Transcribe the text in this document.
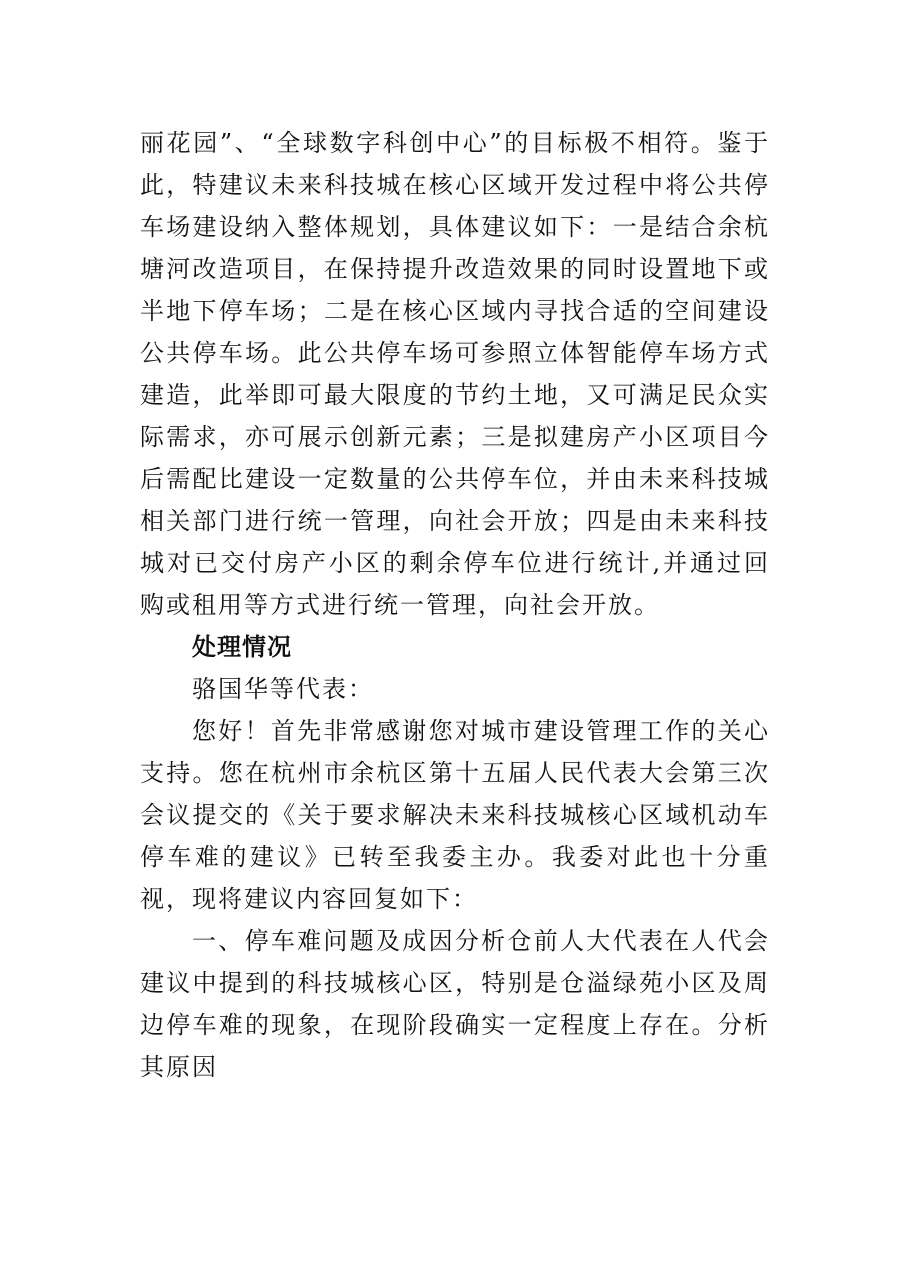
丽花园”、“全球数字科创中心”的目标极不相符。鉴于此，特建议未来科技城在核心区域开发过程中将公共停车场建设纳入整体规划，具体建议如下：一是结合余杭塘河改造项目，在保持提升改造效果的同时设置地下或半地下停车场；二是在核心区域内寻找合适的空间建设公共停车场。此公共停车场可参照立体智能停车场方式建造，此举即可最大限度的节约土地，又可满足民众实际需求，亦可展示创新元素；三是拟建房产小区项目今后需配比建设一定数量的公共停车位，并由未来科技城相关部门进行统一管理，向社会开放；四是由未来科技城对已交付房产小区的剩余停车位进行统计,并通过回购或租用等方式进行统一管理，向社会开放。

处理情况

骆国华等代表：

您好！首先非常感谢您对城市建设管理工作的关心支持。您在杭州市余杭区第十五届人民代表大会第三次会议提交的《关于要求解决未来科技城核心区域机动车停车难的建议》已转至我委主办。我委对此也十分重视，现将建议内容回复如下：

一、停车难问题及成因分析仓前人大代表在人代会建议中提到的科技城核心区，特别是仓溢绿苑小区及周边停车难的现象，在现阶段确实一定程度上存在。分析其原因
